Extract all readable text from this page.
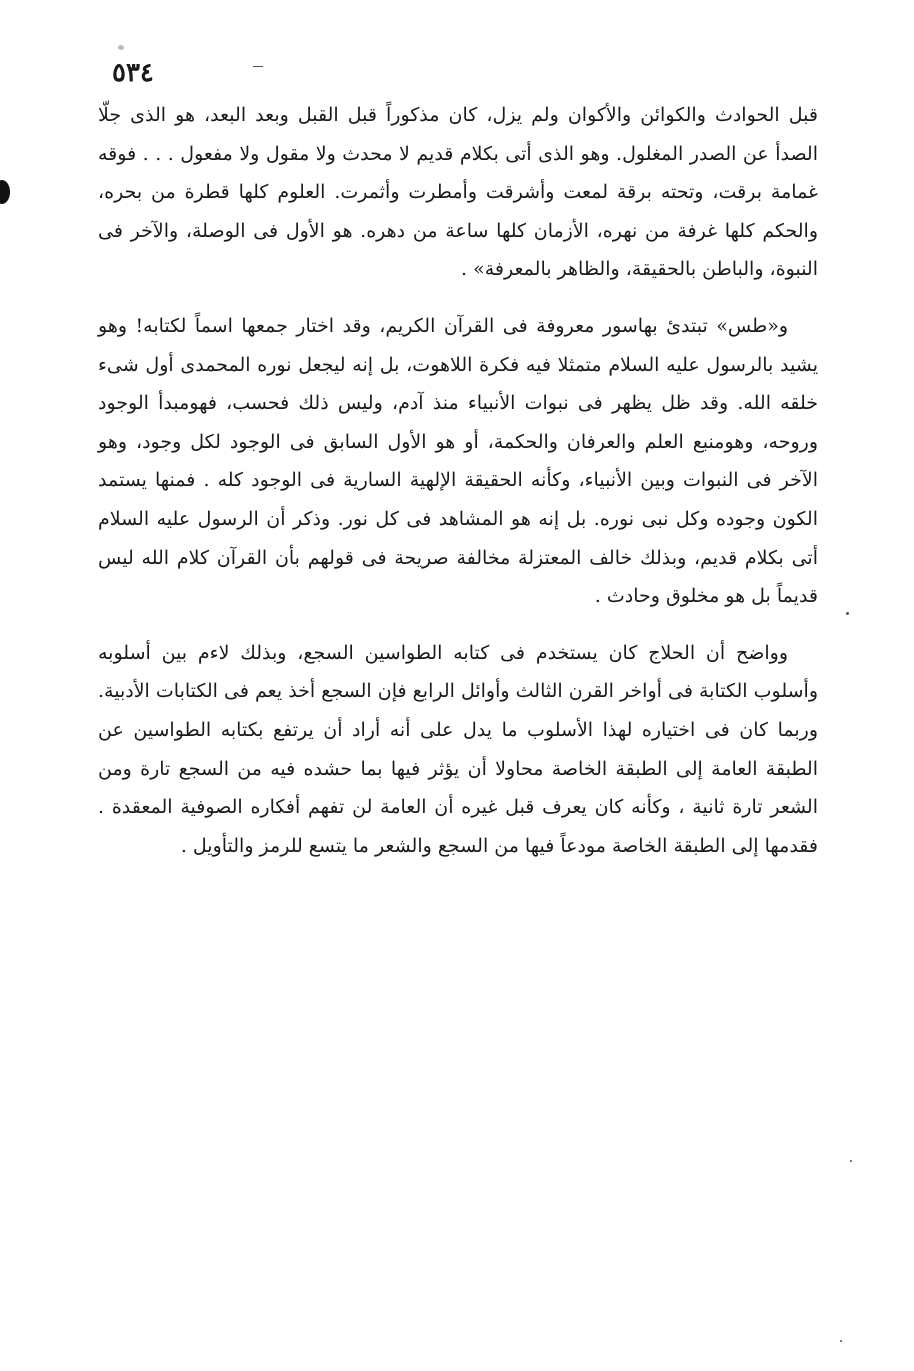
٥٣٤

قبل الحوادث والكوائن والأكوان ولم يزل، كان مذكوراً قبل القبل وبعد البعد، هو الذى جلّا الصدأ عن الصدر المغلول. وهو الذى أتى بكلام قديم لا محدث ولا مقول ولا مفعول . . . فوقه غمامة برقت، وتحته برقة لمعت وأشرقت وأمطرت وأثمرت. العلوم كلها قطرة من بحره، والحكم كلها غرفة من نهره، الأزمان كلها ساعة من دهره. هو الأول فى الوصلة، والآخر فى النبوة، والباطن بالحقيقة، والظاهر بالمعرفة» .

و«طس» تبتدئ بهاسور معروفة فى القرآن الكريم، وقد اختار جمعها اسماً لكتابه! وهو يشيد بالرسول عليه السلام متمثلا فيه فكرة اللاهوت، بل إنه ليجعل نوره المحمدى أول شىء خلقه الله. وقد ظل يظهر فى نبوات الأنبياء منذ آدم، وليس ذلك فحسب، فهومبدأ الوجود وروحه، وهومنبع العلم والعرفان والحكمة، أو هو الأول السابق فى الوجود لكل وجود، وهو الآخر فى النبوات وبين الأنبياء، وكأنه الحقيقة الإلهية السارية فى الوجود كله . فمنها يستمد الكون وجوده وكل نبى نوره. بل إنه هو المشاهد فى كل نور. وذكر أن الرسول عليه السلام أتى بكلام قديم، وبذلك خالف المعتزلة مخالفة صريحة فى قولهم بأن القرآن كلام الله ليس قديماً بل هو مخلوق وحادث .

وواضح أن الحلاج كان يستخدم فى كتابه الطواسين السجع، وبذلك لاءم بين أسلوبه وأسلوب الكتابة فى أواخر القرن الثالث وأوائل الرابع فإن السجع أخذ يعم فى الكتابات الأدبية. وربما كان فى اختياره لهذا الأسلوب ما يدل على أنه أراد أن يرتفع بكتابه الطواسين عن الطبقة العامة إلى الطبقة الخاصة محاولا أن يؤثر فيها بما حشده فيه من السجع تارة ومن الشعر تارة ثانية ، وكأنه كان يعرف قبل غيره أن العامة لن تفهم أفكاره الصوفية المعقدة . فقدمها إلى الطبقة الخاصة مودعاً فيها من السجع والشعر ما يتسع للرمز والتأويل .
